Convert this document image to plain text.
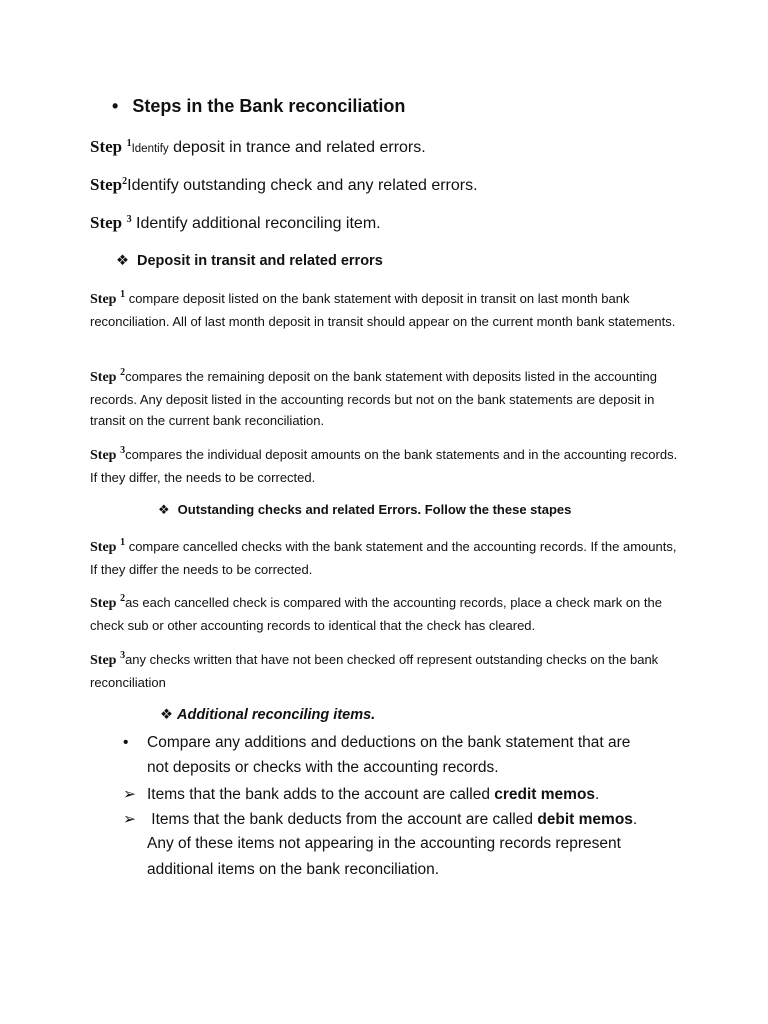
• Steps in the Bank reconciliation
Step $^1$Identify deposit in trance and related errors.
Step$^2$Identify outstanding check and any related errors.
Step $^3$ Identify additional reconciling item.
❖ Deposit in transit and related errors
Step $^1$ compare deposit listed on the bank statement with deposit in transit on last month bank reconciliation. All of last month deposit in transit should appear on the current month bank statements.
Step $^2$compares the remaining deposit on the bank statement with deposits listed in the accounting records. Any deposit listed in the accounting records but not on the bank statements are deposit in transit on the current bank reconciliation.
Step $^3$compares the individual deposit amounts on the bank statements and in the accounting records. If they differ, the needs to be corrected.
❖ Outstanding checks and related Errors. Follow the these stapes
Step $^1$ compare cancelled checks with the bank statement and the accounting records. If the amounts, If they differ the needs to be corrected.
Step $^2$as each cancelled check is compared with the accounting records, place a check mark on the check sub or other accounting records to identical that the check has cleared.
Step $^3$any checks written that have not been checked off represent outstanding checks on the bank reconciliation
❖ Additional reconciling items.
• Compare any additions and deductions on the bank statement that are
not deposits or checks with the accounting records.
➢ Items that the bank adds to the account are called credit memos.
➢ Items that the bank deducts from the account are called debit memos.
Any of these items not appearing in the accounting records represent
additional items on the bank reconciliation.
